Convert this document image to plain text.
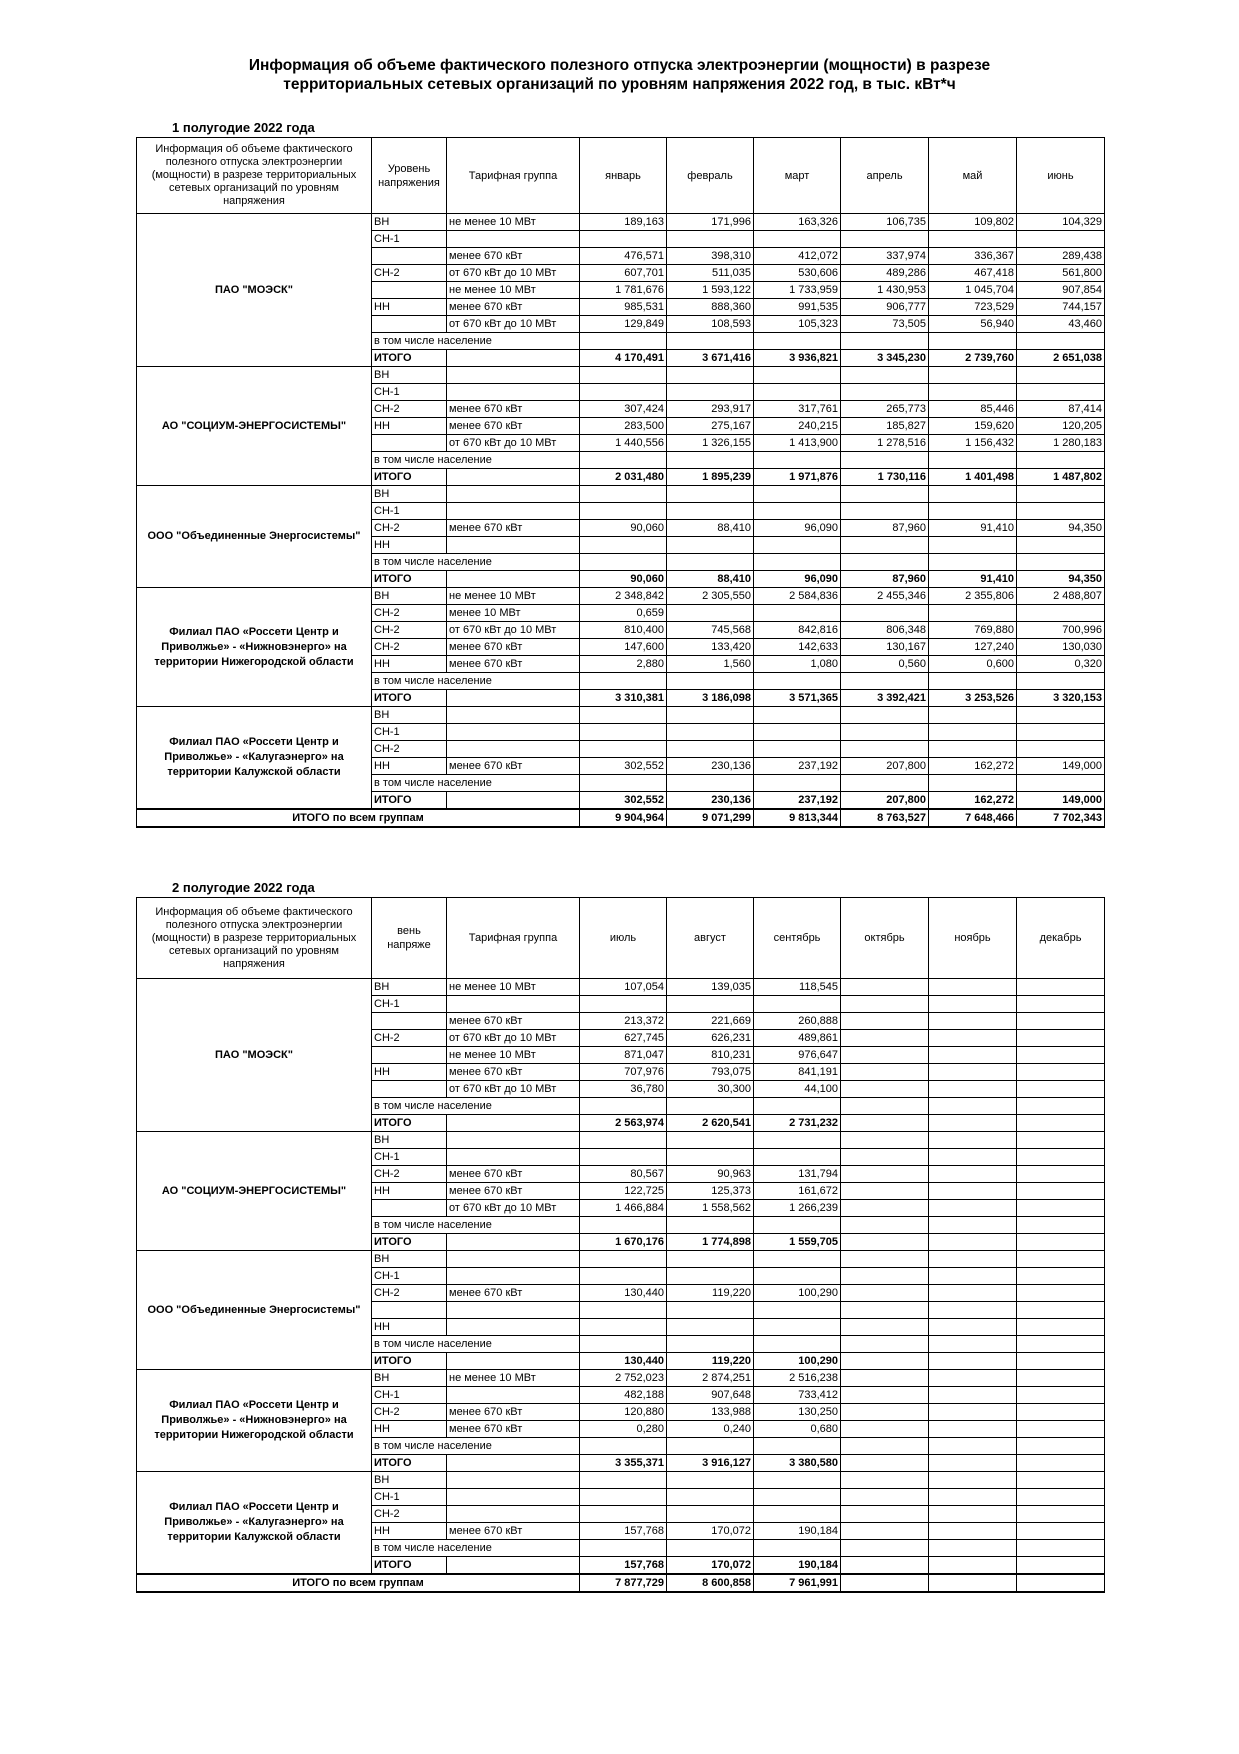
Информация об объеме фактического полезного отпуска электроэнергии (мощности) в разрезе
территориальных сетевых организаций по уровням напряжения 2022 год, в тыс. кВт*ч
1 полугодие 2022 года
Информация об объеме фактического полезного отпуска электроэнергии (мощности) в разрезе территориальных сетевых организаций по уровням напряжения	Уровень напряжения	Тарифная группа	январь	февраль	март	апрель	май	июнь
ПАО "МОЭСК"	ВН	не менее 10 МВт	189,163	171,996	163,326	106,735	109,802	104,329
	СН-1							
		менее 670 кВт	476,571	398,310	412,072	337,974	336,367	289,438
	СН-2	от 670 кВт до 10 МВт	607,701	511,035	530,606	489,286	467,418	561,800
		не менее 10 МВт	1 781,676	1 593,122	1 733,959	1 430,953	1 045,704	907,854
	НН	менее 670 кВт	985,531	888,360	991,535	906,777	723,529	744,157
		от 670 кВт до 10 МВт	129,849	108,593	105,323	73,505	56,940	43,460
	в том числе население							
	ИТОГО		4 170,491	3 671,416	3 936,821	3 345,230	2 739,760	2 651,038
АО "СОЦИУМ-ЭНЕРГОСИСТЕМЫ"	ВН							
	СН-1							
	СН-2	менее 670 кВт	307,424	293,917	317,761	265,773	85,446	87,414
	НН	менее 670 кВт	283,500	275,167	240,215	185,827	159,620	120,205
		от 670 кВт до 10 МВт	1 440,556	1 326,155	1 413,900	1 278,516	1 156,432	1 280,183
	в том числе население							
	ИТОГО		2 031,480	1 895,239	1 971,876	1 730,116	1 401,498	1 487,802
ООО "Объединенные Энергосистемы"	ВН							
	СН-1							
	СН-2	менее 670 кВт	90,060	88,410	96,090	87,960	91,410	94,350
	НН							
	в том числе население							
	ИТОГО		90,060	88,410	96,090	87,960	91,410	94,350
Филиал ПАО «Россети Центр и Приволжье» - «Нижновэнерго» на территории Нижегородской области	ВН	не менее 10 МВт	2 348,842	2 305,550	2 584,836	2 455,346	2 355,806	2 488,807
	СН-2	менее 10 МВт	0,659					
	СН-2	от 670 кВт до 10 МВт	810,400	745,568	842,816	806,348	769,880	700,996
	СН-2	менее 670 кВт	147,600	133,420	142,633	130,167	127,240	130,030
	НН	менее 670 кВт	2,880	1,560	1,080	0,560	0,600	0,320
	в том числе население							
	ИТОГО		3 310,381	3 186,098	3 571,365	3 392,421	3 253,526	3 320,153
Филиал ПАО «Россети Центр и Приволжье» - «Калугаэнерго» на территории Калужской области	ВН							
	СН-1							
	СН-2							
	НН	менее 670 кВт	302,552	230,136	237,192	207,800	162,272	149,000
	в том числе население							
	ИТОГО		302,552	230,136	237,192	207,800	162,272	149,000
ИТОГО по всем группам			9 904,964	9 071,299	9 813,344	8 763,527	7 648,466	7 702,343
2 полугодие 2022 года
Информация об объеме фактического полезного отпуска электроэнергии (мощности) в разрезе территориальных сетевых организаций по уровням напряжения	вень напряже	Тарифная группа	июль	август	сентябрь	октябрь	ноябрь	декабрь
ПАО "МОЭСК"	ВН	не менее 10 МВт	107,054	139,035	118,545			
	СН-1							
		менее 670 кВт	213,372	221,669	260,888			
	СН-2	от 670 кВт до 10 МВт	627,745	626,231	489,861			
		не менее 10 МВт	871,047	810,231	976,647			
	НН	менее 670 кВт	707,976	793,075	841,191			
		от 670 кВт до 10 МВт	36,780	30,300	44,100			
	в том числе население							
	ИТОГО		2 563,974	2 620,541	2 731,232			
АО "СОЦИУМ-ЭНЕРГОСИСТЕМЫ"	ВН							
	СН-1							
	СН-2	менее 670 кВт	80,567	90,963	131,794			
	НН	менее 670 кВт	122,725	125,373	161,672			
		от 670 кВт до 10 МВт	1 466,884	1 558,562	1 266,239			
	в том числе население							
	ИТОГО		1 670,176	1 774,898	1 559,705			
ООО "Объединенные Энергосистемы"	ВН							
	СН-1							
	СН-2	менее 670 кВт	130,440	119,220	100,290			

	НН							
	в том числе население							
	ИТОГО		130,440	119,220	100,290			
Филиал ПАО «Россети Центр и Приволжье» - «Нижновэнерго» на территории Нижегородской области	ВН	не менее 10 МВт	2 752,023	2 874,251	2 516,238			
	СН-1		482,188	907,648	733,412			
	СН-2	менее 670 кВт	120,880	133,988	130,250			
	НН	менее 670 кВт	0,280	0,240	0,680			
	в том числе население							
	ИТОГО		3 355,371	3 916,127	3 380,580			
Филиал ПАО «Россети Центр и Приволжье» - «Калугаэнерго» на территории Калужской области	ВН							
	СН-1							
	СН-2							
	НН	менее 670 кВт	157,768	170,072	190,184			
	в том числе население							
	ИТОГО		157,768	170,072	190,184			
ИТОГО по всем группам			7 877,729	8 600,858	7 961,991			
